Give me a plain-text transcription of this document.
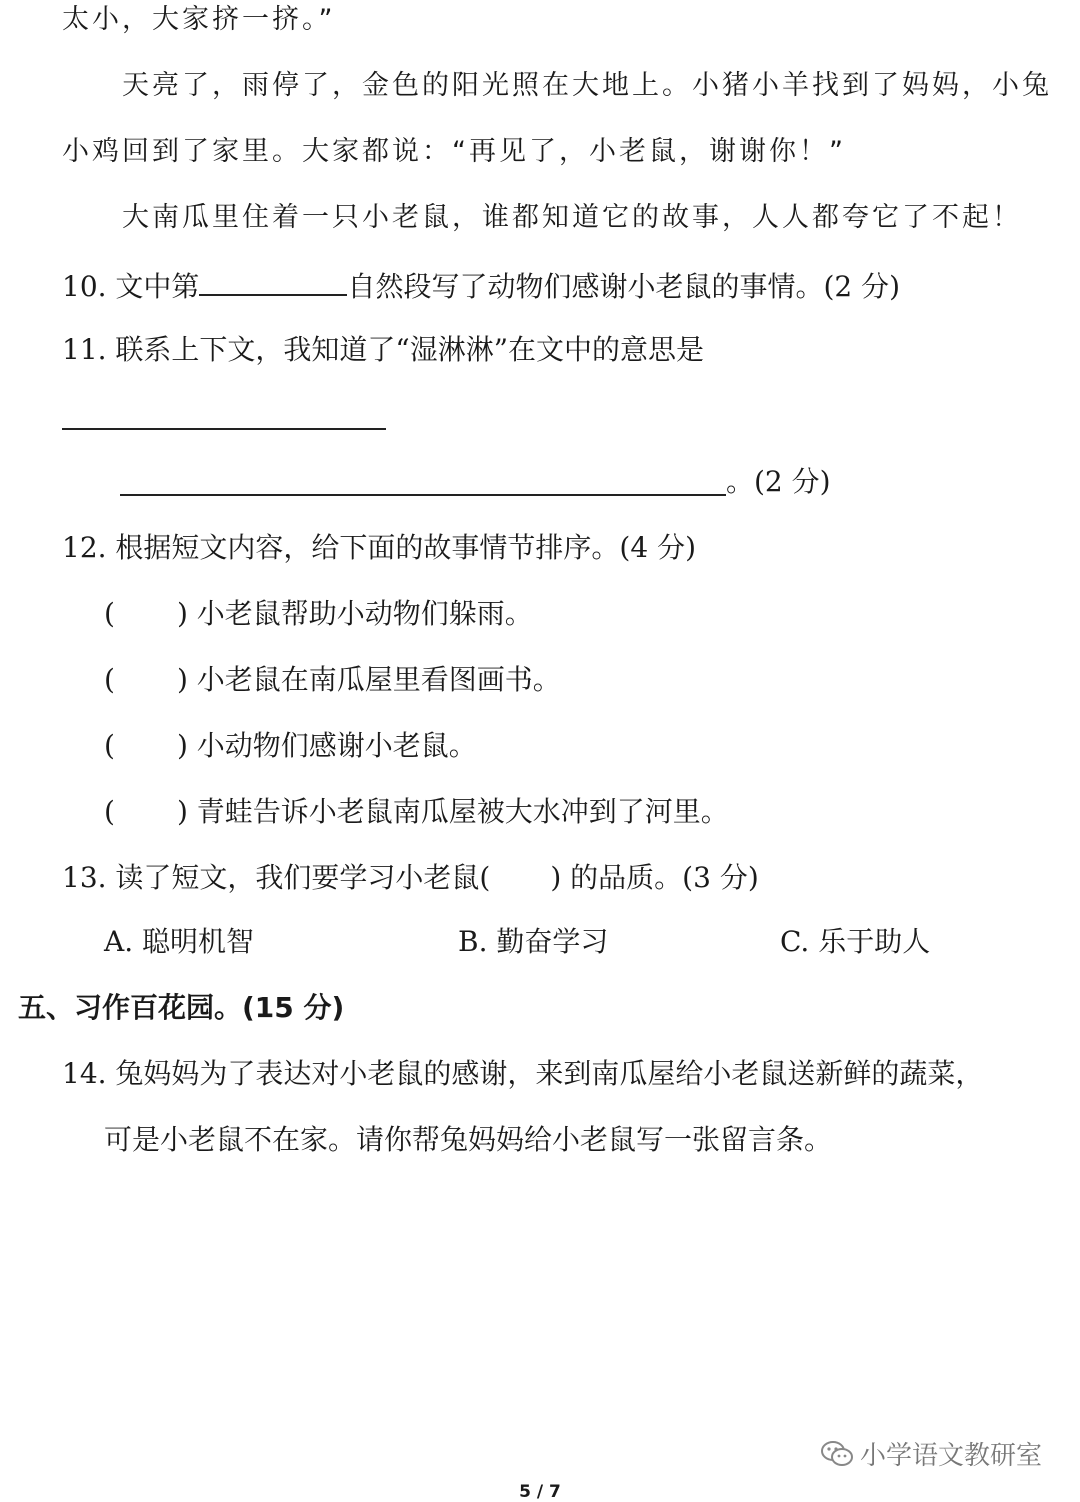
太小，大家挤一挤。”
天亮了，雨停了，金色的阳光照在大地上。小猪小羊找到了妈妈，小兔
小鸡回到了家里。大家都说：“再见了，小老鼠，谢谢你！”
大南瓜里住着一只小老鼠，谁都知道它的故事，人人都夸它了不起！
10. 文中第	自然段写了动物们感谢小老鼠的事情。(2 分)
11. 联系上下文，我知道了“湿淋淋”在文中的意思是
。(2 分)
12. 根据短文内容，给下面的故事情节排序。(4 分)
( ) 小老鼠帮助小动物们躲雨。
( ) 小老鼠在南瓜屋里看图画书。
( ) 小动物们感谢小老鼠。
( ) 青蛙告诉小老鼠南瓜屋被大水冲到了河里。
13. 读了短文，我们要学习小老鼠( ) 的品质。(3 分)
A. 聪明机智	B. 勤奋学习	C. 乐于助人
五、习作百花园。(15 分)
14. 兔妈妈为了表达对小老鼠的感谢，来到南瓜屋给小老鼠送新鲜的蔬菜，
可是小老鼠不在家。请你帮兔妈妈给小老鼠写一张留言条。
小学语文教研室
5 / 7
